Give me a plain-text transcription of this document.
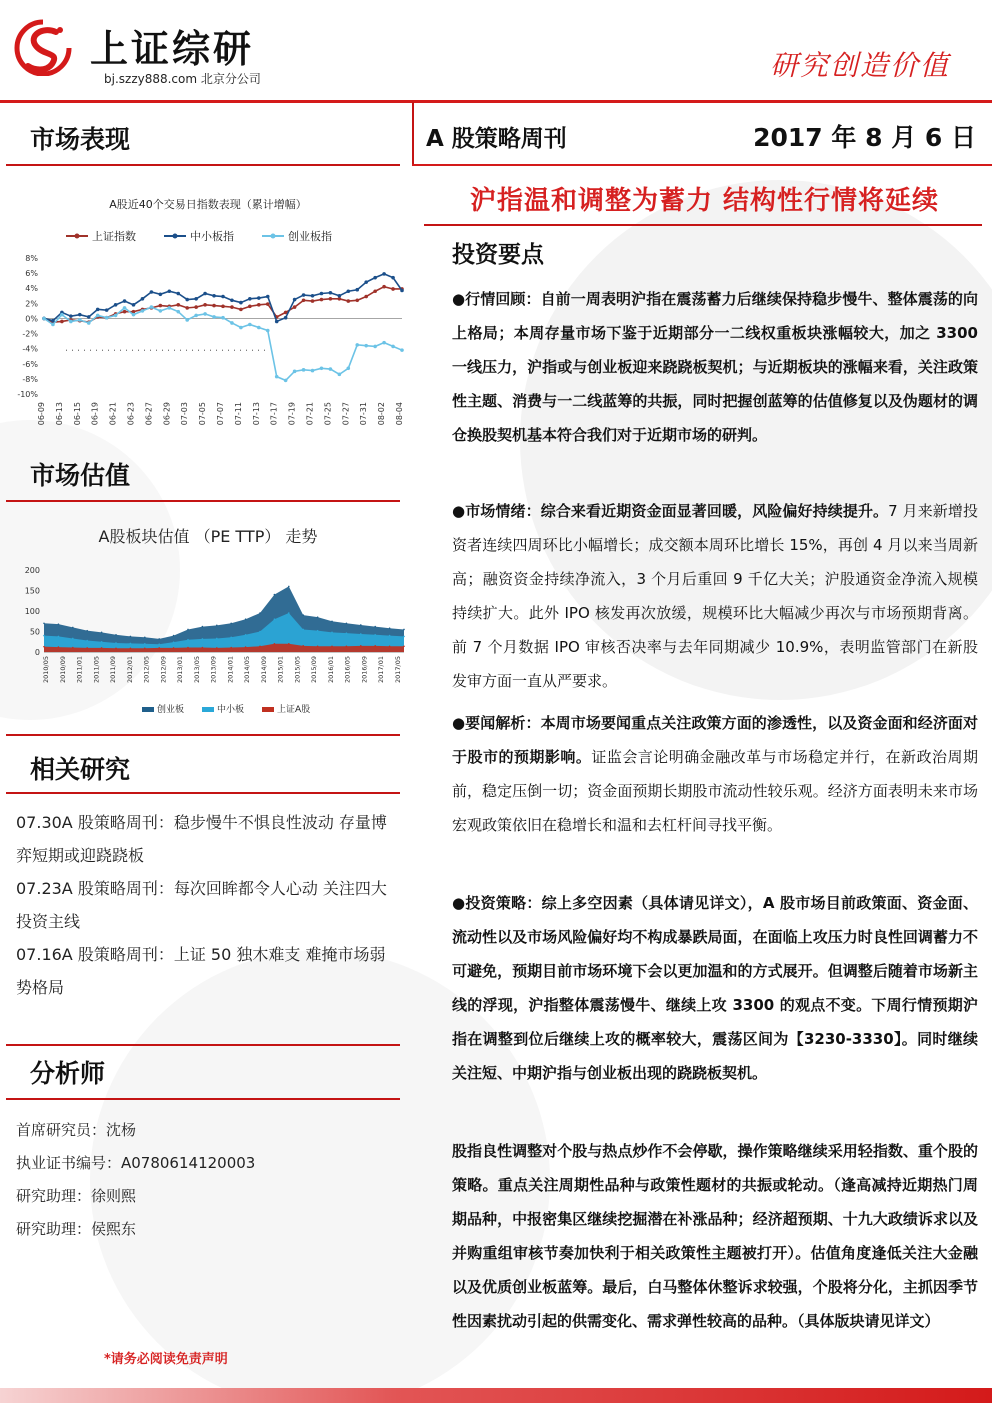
上证综研
bj.szzy888.com 北京分公司	研究创造价值
市场表现	A 股策略周刊	2017 年 8 月 6 日
A股近40个交易日指数表现（累计增幅）
上证指数	中小板指	创业板指
8%
6%
4%
2%
0%
-2%
-4%
-6%
-8%
-10%
06-09 06-13 06-15 06-19 06-21 06-23 06-27 06-29 07-03 07-05 07-07 07-11 07-13 07-17 07-19 07-21 07-25 07-27 07-31 08-02 08-04
市场估值
A股板块估值 （PE TTP） 走势
200
150
100
50
0
2010/05 2010/09 2011/01 2011/05 2011/09 2012/01 2012/05 2012/09 2013/01 2013/05 2013/09 2014/01 2014/05 2014/09 2015/01 2015/05 2015/09 2016/01 2016/05 2016/09 2017/01 2017/05
创业板	中小板	上证A股
相关研究
07.30A 股策略周刊：稳步慢牛不惧良性波动 存量博弈短期或迎跷跷板
07.23A 股策略周刊：每次回眸都令人心动 关注四大投资主线
07.16A 股策略周刊：上证 50 独木难支 难掩市场弱势格局
分析师
首席研究员：沈杨
执业证书编号：A0780614120003
研究助理：徐则熙
研究助理：侯熙东
*请务必阅读免责声明
沪指温和调整为蓄力 结构性行情将延续
投资要点
●行情回顾：自前一周表明沪指在震荡蓄力后继续保持稳步慢牛、整体震荡的向上格局；本周存量市场下鉴于近期部分一二线权重板块涨幅较大，加之 3300 一线压力，沪指或与创业板迎来跷跷板契机；与近期板块的涨幅来看，关注政策性主题、消费与一二线蓝筹的共振，同时把握创蓝筹的估值修复以及伪题材的调仓换股契机基本符合我们对于近期市场的研判。
●市场情绪：综合来看近期资金面显著回暖，风险偏好持续提升。7 月来新增投资者连续四周环比小幅增长；成交额本周环比增长 15%，再创 4 月以来当周新高；融资资金持续净流入，3 个月后重回 9 千亿大关；沪股通资金净流入规模持续扩大。此外 IPO 核发再次放缓，规模环比大幅减少再次与市场预期背离。前 7 个月数据 IPO 审核否决率与去年同期减少 10.9%，表明监管部门在新股发审方面一直从严要求。
●要闻解析：本周市场要闻重点关注政策方面的渗透性，以及资金面和经济面对于股市的预期影响。证监会言论明确金融改革与市场稳定并行，在新政治周期前，稳定压倒一切；资金面预期长期股市流动性较乐观。经济方面表明未来市场宏观政策依旧在稳增长和温和去杠杆间寻找平衡。
●投资策略：综上多空因素（具体请见详文），A 股市场目前政策面、资金面、流动性以及市场风险偏好均不构成暴跌局面，在面临上攻压力时良性回调蓄力不可避免，预期目前市场环境下会以更加温和的方式展开。但调整后随着市场新主线的浮现，沪指整体震荡慢牛、继续上攻 3300 的观点不变。下周行情预期沪指在调整到位后继续上攻的概率较大，震荡区间为【3230-3330】。同时继续关注短、中期沪指与创业板出现的跷跷板契机。
股指良性调整对个股与热点炒作不会停歇，操作策略继续采用轻指数、重个股的策略。重点关注周期性品种与政策性题材的共振或轮动。（逢高减持近期热门周期品种，中报密集区继续挖掘潜在补涨品种；经济超预期、十九大政绩诉求以及并购重组审核节奏加快利于相关政策性主题被打开）。估值角度逢低关注大金融以及优质创业板蓝筹。最后，白马整体休整诉求较强，个股将分化，主抓因季节性因素扰动引起的供需变化、需求弹性较高的品种。（具体版块请见详文）
